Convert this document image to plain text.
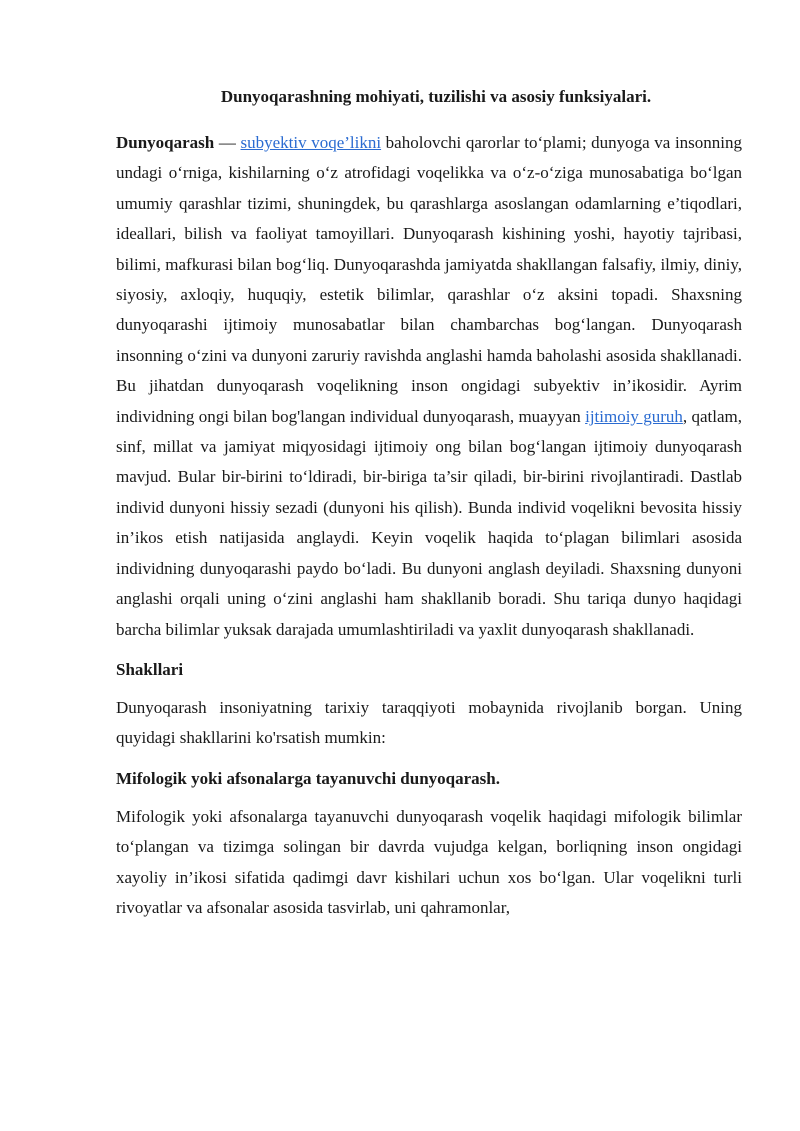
Dunyoqarashning mohiyati, tuzilishi va asosiy funksiyalari.

Dunyoqarash — subyektiv voqe’likni baholovchi qarorlar to‘plami; dunyoga va insonning undagi o‘rniga, kishilarning o‘z atrofidagi voqelikka va o‘z-o‘ziga munosabatiga bo‘lgan umumiy qarashlar tizimi, shuningdek, bu qarashlarga asoslangan odamlarning e’tiqodlari, ideallari, bilish va faoliyat tamoyillari. Dunyoqarash kishining yoshi, hayotiy tajribasi, bilimi, mafkurasi bilan bog‘liq. Dunyoqarashda jamiyatda shakllangan falsafiy, ilmiy, diniy, siyosiy, axloqiy, huquqiy, estetik bilimlar, qarashlar o‘z aksini topadi. Shaxsning dunyoqarashi ijtimoiy munosabatlar bilan chambarchas bog‘langan. Dunyoqarash insonning o‘zini va dunyoni zaruriy ravishda anglashi hamda baholashi asosida shakllanadi. Bu jihatdan dunyoqarash voqelikning inson ongidagi subyektiv in’ikosidir. Ayrim individning ongi bilan bog'langan individual dunyoqarash, muayyan ijtimoiy guruh, qatlam, sinf, millat va jamiyat miqyosidagi ijtimoiy ong bilan bog‘langan ijtimoiy dunyoqarash mavjud. Bular bir-birini to‘ldiradi, bir-biriga ta’sir qiladi, bir-birini rivojlantiradi. Dastlab individ dunyoni hissiy sezadi (dunyoni his qilish). Bunda individ voqelikni bevosita hissiy in’ikos etish natijasida anglaydi. Keyin voqelik haqida to‘plagan bilimlari asosida individning dunyoqarashi paydo bo‘ladi. Bu dunyoni anglash deyiladi. Shaxsning dunyoni anglashi orqali uning o‘zini anglashi ham shakllanib boradi. Shu tariqa dunyo haqidagi barcha bilimlar yuksak darajada umumlashtiriladi va yaxlit dunyoqarash shakllanadi.

Shakllari

Dunyoqarash insoniyatning tarixiy taraqqiyoti mobaynida rivojlanib borgan. Uning quyidagi shakllarini ko'rsatish mumkin:

Mifologik yoki afsonalarga tayanuvchi dunyoqarash.

Mifologik yoki afsonalarga tayanuvchi dunyoqarash voqelik haqidagi mifologik bilimlar to‘plangan va tizimga solingan bir davrda vujudga kelgan, borliqning inson ongidagi xayoliy in’ikosi sifatida qadimgi davr kishilari uchun xos bo‘lgan. Ular voqelikni turli rivoyatlar va afsonalar asosida tasvirlab, uni qahramonlar,
